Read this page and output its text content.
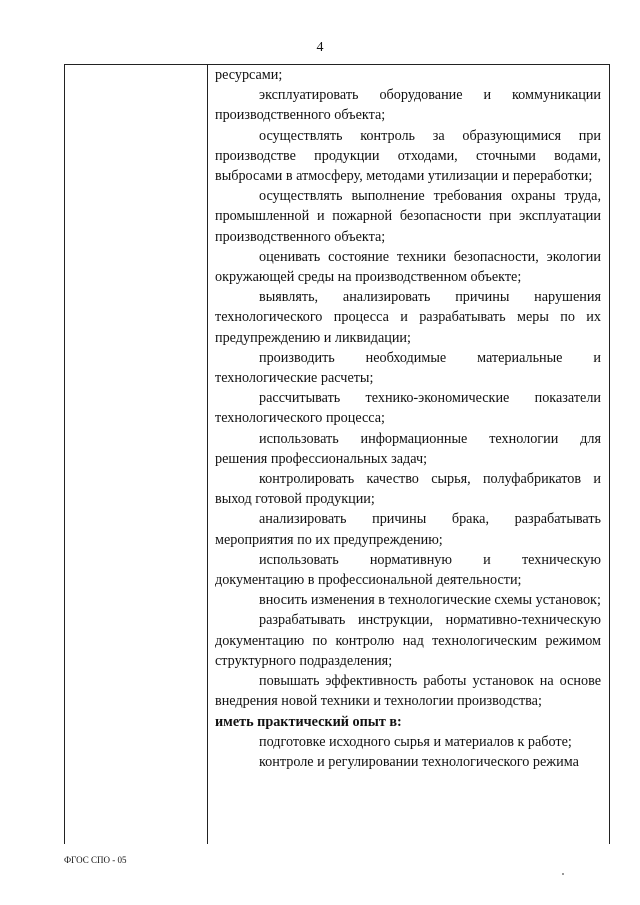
4

ресурсами;

эксплуатировать оборудование и коммуникации производственного объекта;

осуществлять контроль за образующимися при производстве продукции отходами, сточными водами, выбросами в атмосферу, методами утилизации и переработки;

осуществлять выполнение требования охраны труда, промышленной и пожарной безопасности при эксплуатации производственного объекта;

оценивать состояние техники безопасности, экологии окружающей среды на производственном объекте;

выявлять, анализировать причины нарушения технологического процесса и разрабатывать меры по их предупреждению и ликвидации;

производить необходимые материальные и технологические расчеты;

рассчитывать технико-экономические показатели технологического процесса;

использовать информационные технологии для решения профессиональных задач;

контролировать качество сырья, полуфабрикатов и выход готовой продукции;

анализировать причины брака, разрабатывать мероприятия по их предупреждению;

использовать нормативную и техническую документацию в профессиональной деятельности;

вносить изменения в технологические схемы установок;

разрабатывать инструкции, нормативно-техническую документацию по контролю над технологическим режимом структурного подразделения;

повышать эффективность работы установок на основе внедрения новой техники и технологии производства;

иметь практический опыт в:

подготовке исходного сырья и материалов к работе;

контроле и регулировании технологического режима

ФГОС СПО - 05
